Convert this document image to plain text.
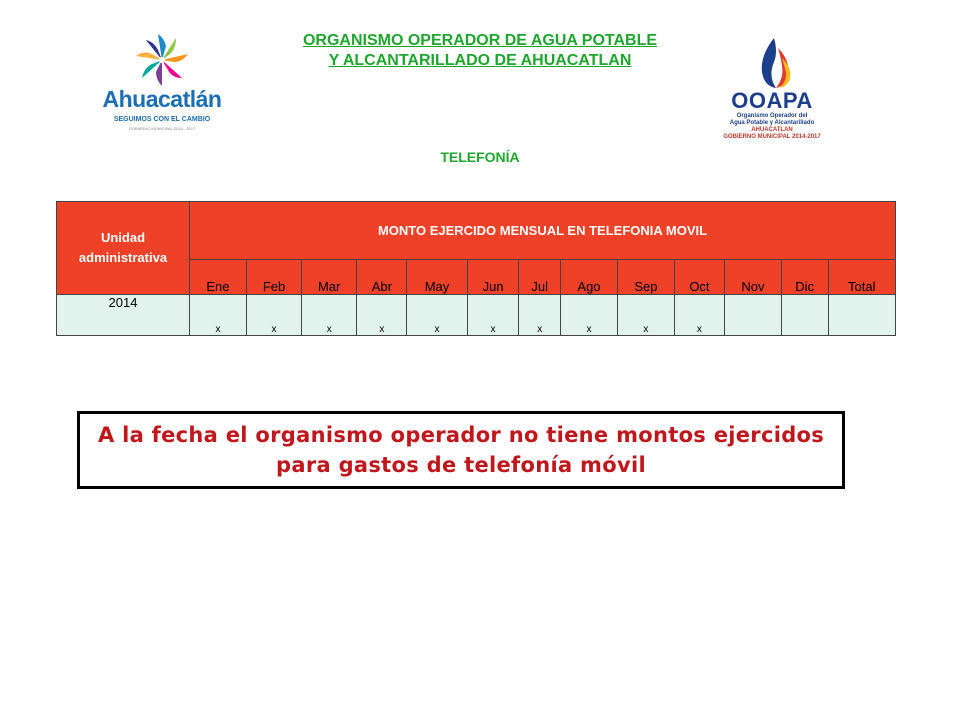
ORGANISMO OPERADOR DE AGUA POTABLE
Y ALCANTARILLADO DE AHUACATLAN
TELEFONÍA
Ahuacatlán
SEGUIMOS CON EL CAMBIO
GOBIERNO MUNICIPAL 2014 - 2017
OOAPA
Organismo Operador del
Agua Potable y Alcantarillado
AHUACATLAN
GOBIERNO MUNICIPAL 2014-2017
Unidad administrativa	MONTO EJERCIDO MENSUAL EN TELEFONIA MOVIL												
	Ene	Feb	Mar	Abr	May	Jun	Jul	Ago	Sep	Oct	Nov	Dic	Total
2014	x	x	x	x	x	x	x	x	x	x			
A la fecha el organismo operador no tiene montos ejercidos
para gastos de telefonía móvil
